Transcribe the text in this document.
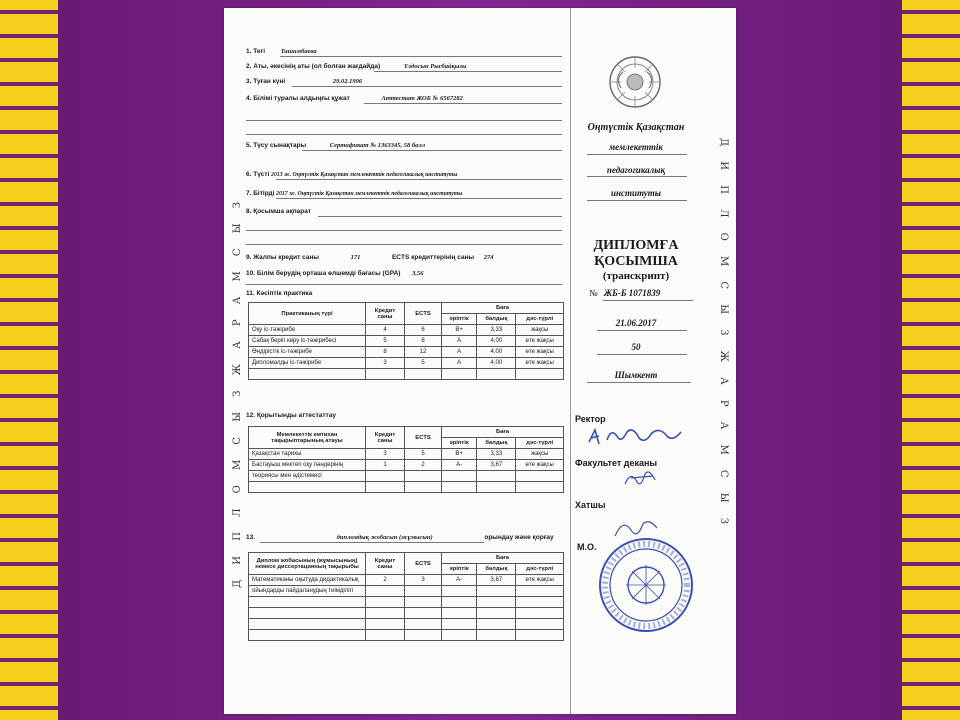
Д И П Л О М С Ы З Ж А Р А М С Ы З
1. Тегі Ташимбаева
2. Аты, әкесінің аты (ол болған жағдайда)	Үлдосын Рысбайқызы
3. Туған күні	29.02.1996
4. Білімі туралы алдыңғы құжат	Аттестат ЖОБ № 6567282
5. Түсу сынақтары	Сертификат № 1363345, 58 балл
6. Түсті 2013 ж. Оңтүстік Қазақстан мемлекеттік педагогикалық институты
7. Бітірді 2017 ж. Оңтүстік Қазақстан мемлекеттік педагогикалық институты
8. Қосымша ақпарат
9. Жалпы кредит саны	171	ECTS кредиттерінің саны 274
10. Білім берудің орташа өлшемді бағасы (GPA) 3,56
11. Кәсіптік практика
Практиканың түрі	Кредит саны	ECTS	Баға		
			әріптік	балдық	дәс-түрлі
Оқу іс-тәжірибе	4	6	B+	3,33	жақсы
Сабақ беріп көру іс-тәжірибесі	5	8	A	4,00	өте жақсы
Өндірістік іс-тәжірибе	8	12	A	4,00	өте жақсы
Дипломалды іс-тәжірибе	3	5	A	4,00	өте жақсы

12. Қорытынды аттестаттау
Мемлекеттік емтихан тақырыптарының атауы	Кредит саны	ECTS	Баға		
			әріптік	балдық	дәс-түрлі
Қазақстан тарихы	3	5	B+	3,33	жақсы
Бастауыш мектеп оқу пәндерінің	1	2	A-	3,67	өте жақсы
теориясы мен әдістемесі					

13.	дипломдық жобасын (жұмысын)	орындау және қорғау
Диплом жобасының (жұмысының) немесе диссертацияның тақырыбы	Кредит саны	ECTS	Баға		
			әріптік	балдық	дәс-түрлі
Математиканы оқытуда дидактикалық	2	3	A-	3,67	өте жақсы
ойындарды пайдаланудың тиімділігі					

Оңтүстік Қазақстан
мемлекеттік
педагогикалық
институты
ДИПЛОМҒА
ҚОСЫМША
(транскрипт)
№ ЖБ-Б 1071839
21.06.2017
50
Шымкент
Ректор
Факультет деканы
Хатшы
М.О.
Д И П Л О М С Ы З Ж А Р А М С Ы З
